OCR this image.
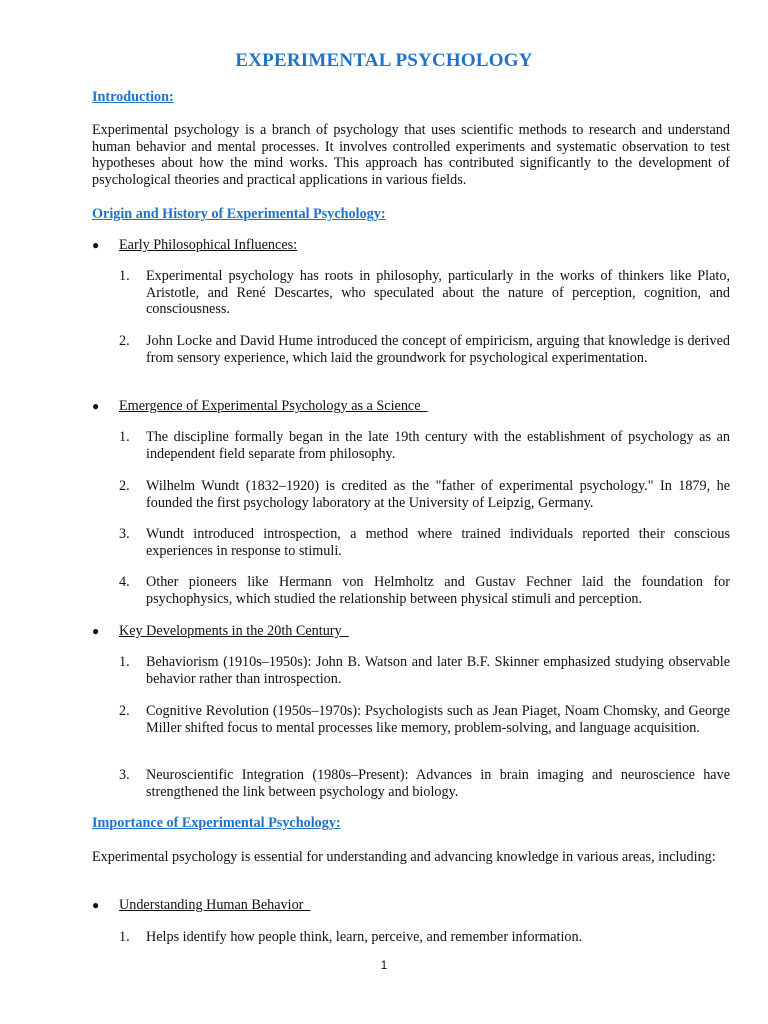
EXPERIMENTAL PSYCHOLOGY
Introduction:
Experimental psychology is a branch of psychology that uses scientific methods to research and understand human behavior and mental processes. It involves controlled experiments and systematic observation to test hypotheses about how the mind works. This approach has contributed significantly to the development of psychological theories and practical applications in various fields.
Origin and History of Experimental Psychology:
●	Early Philosophical Influences:
1.	Experimental psychology has roots in philosophy, particularly in the works of thinkers like Plato, Aristotle, and René Descartes, who speculated about the nature of perception, cognition, and consciousness.
2.	John Locke and David Hume introduced the concept of empiricism, arguing that knowledge is derived from sensory experience, which laid the groundwork for psychological experimentation.
●	Emergence of Experimental Psychology as a Science
1.	The discipline formally began in the late 19th century with the establishment of psychology as an independent field separate from philosophy.
2.	Wilhelm Wundt (1832–1920) is credited as the "father of experimental psychology." In 1879, he founded the first psychology laboratory at the University of Leipzig, Germany.
3.	Wundt introduced introspection, a method where trained individuals reported their conscious experiences in response to stimuli.
4.	Other pioneers like Hermann von Helmholtz and Gustav Fechner laid the foundation for psychophysics, which studied the relationship between physical stimuli and perception.
●	Key Developments in the 20th Century
1.	Behaviorism (1910s–1950s): John B. Watson and later B.F. Skinner emphasized studying observable behavior rather than introspection.
2.	Cognitive Revolution (1950s–1970s): Psychologists such as Jean Piaget, Noam Chomsky, and George Miller shifted focus to mental processes like memory, problem-solving, and language acquisition.
3.	Neuroscientific Integration (1980s–Present): Advances in brain imaging and neuroscience have strengthened the link between psychology and biology.
Importance of Experimental Psychology:
Experimental psychology is essential for understanding and advancing knowledge in various areas, including:
●	Understanding Human Behavior
1.	Helps identify how people think, learn, perceive, and remember information.
1
